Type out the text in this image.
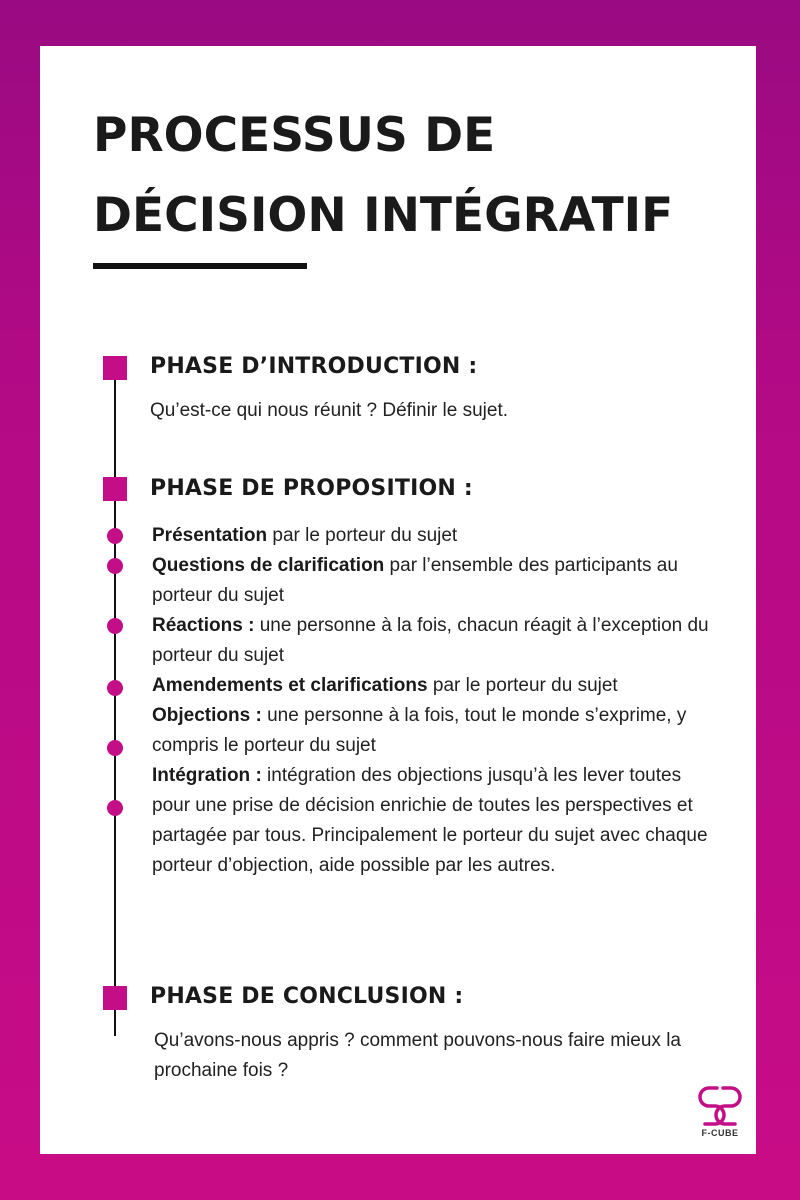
PROCESSUS DE
DÉCISION INTÉGRATIF
PHASE D’INTRODUCTION :

Qu’est-ce qui nous réunit ? Définir le sujet.

PHASE DE PROPOSITION :

Présentation par le porteur du sujet

Questions de clarification par l’ensemble des participants au porteur du sujet

Réactions : une personne à la fois, chacun réagit à l’exception du porteur du sujet

Amendements et clarifications par le porteur du sujet

Objections : une personne à la fois, tout le monde s’exprime, y compris le porteur du sujet

Intégration : intégration des objections jusqu’à les lever toutes pour une prise de décision enrichie de toutes les perspectives et partagée par tous. Principalement le porteur du sujet avec chaque porteur d’objection, aide possible par les autres.

PHASE DE CONCLUSION :

Qu’avons-nous appris ? comment pouvons-nous faire mieux la prochaine fois ?

F-CUBE
